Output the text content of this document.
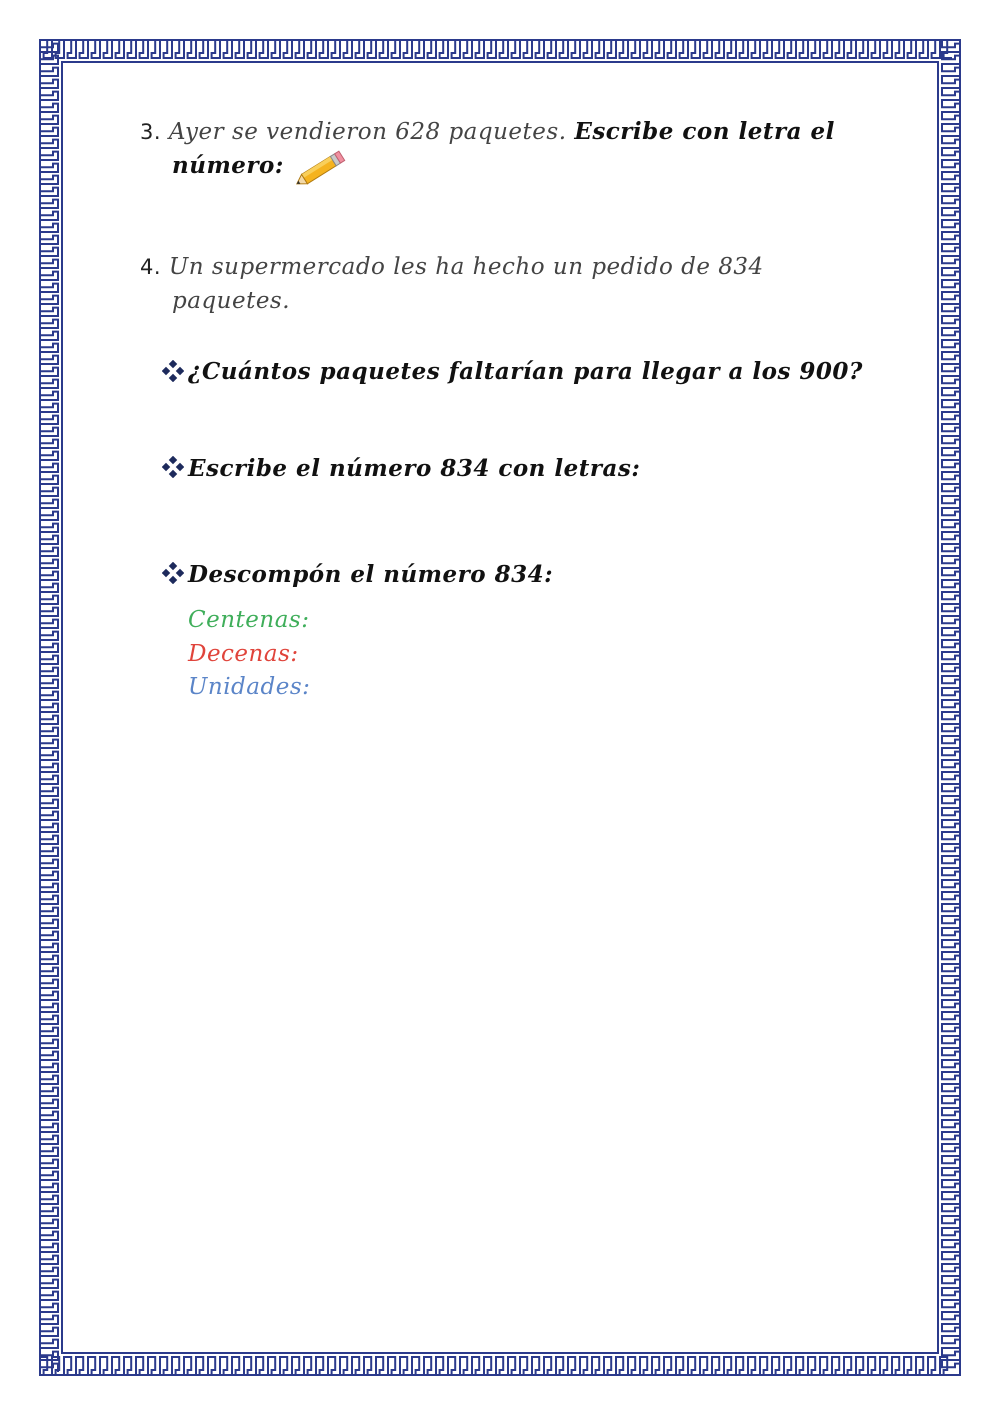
3. Ayer se vendieron 628 paquetes. Escribe con letra el
número:
4. Un supermercado les ha hecho un pedido de 834
paquetes.
¿Cuántos paquetes faltarían para llegar a los 900?
Escribe el número 834 con letras:
Descompón el número 834:
Centenas:
Decenas:
Unidades:
